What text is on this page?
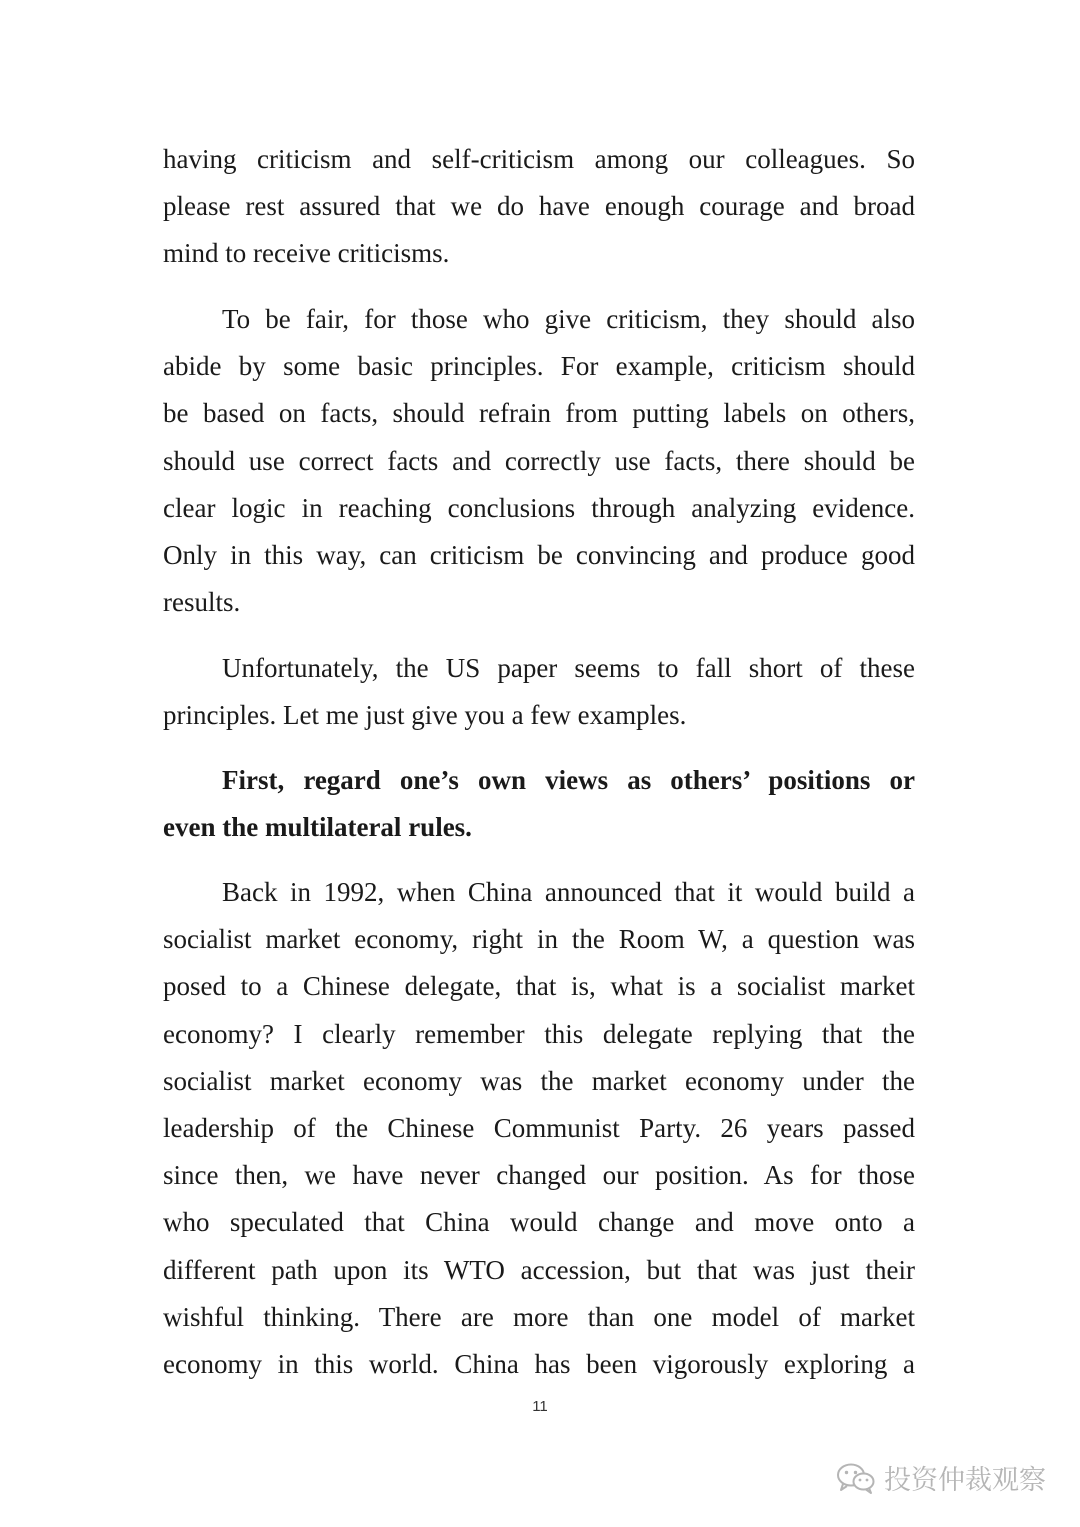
having criticism and self-criticism among our colleagues. So
please rest assured that we do have enough courage and broad
mind to receive criticisms.
To be fair, for those who give criticism, they should also
abide by some basic principles. For example, criticism should
be based on facts, should refrain from putting labels on others,
should use correct facts and correctly use facts, there should be
clear logic in reaching conclusions through analyzing evidence.
Only in this way, can criticism be convincing and produce good
results.
Unfortunately, the US paper seems to fall short of these
principles. Let me just give you a few examples.
First, regard one’s own views as others’ positions or
even the multilateral rules.
Back in 1992, when China announced that it would build a
socialist market economy, right in the Room W, a question was
posed to a Chinese delegate, that is, what is a socialist market
economy? I clearly remember this delegate replying that the
socialist market economy was the market economy under the
leadership of the Chinese Communist Party. 26 years passed
since then, we have never changed our position. As for those
who speculated that China would change and move onto a
different path upon its WTO accession, but that was just their
wishful thinking. There are more than one model of market
economy in this world. China has been vigorously exploring a
11
投资仲裁观察
